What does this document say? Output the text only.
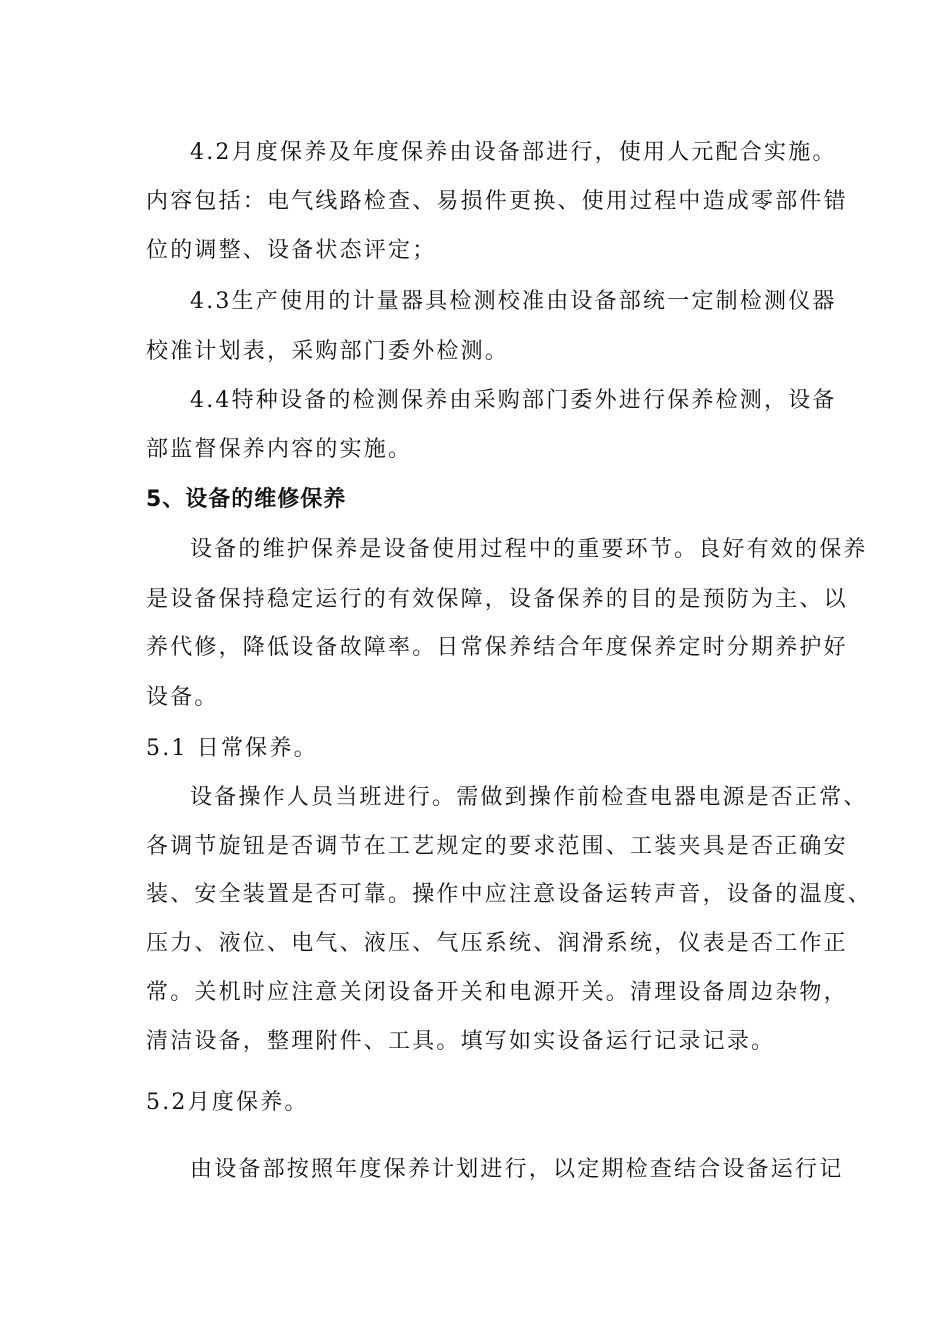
4.2月度保养及年度保养由设备部进行，使用人元配合实施。
内容包括：电气线路检查、易损件更换、使用过程中造成零部件错
位的调整、设备状态评定；
4.3生产使用的计量器具检测校准由设备部统一定制检测仪器
校准计划表，采购部门委外检测。
4.4特种设备的检测保养由采购部门委外进行保养检测，设备
部监督保养内容的实施。
5、设备的维修保养
设备的维护保养是设备使用过程中的重要环节。良好有效的保养
是设备保持稳定运行的有效保障，设备保养的目的是预防为主、以
养代修，降低设备故障率。日常保养结合年度保养定时分期养护好
设备。
5.1 日常保养。
设备操作人员当班进行。需做到操作前检查电器电源是否正常、
各调节旋钮是否调节在工艺规定的要求范围、工装夹具是否正确安
装、安全装置是否可靠。操作中应注意设备运转声音，设备的温度、
压力、液位、电气、液压、气压系统、润滑系统，仪表是否工作正
常。关机时应注意关闭设备开关和电源开关。清理设备周边杂物，
清洁设备，整理附件、工具。填写如实设备运行记录记录。
5.2月度保养。
由设备部按照年度保养计划进行，以定期检查结合设备运行记
